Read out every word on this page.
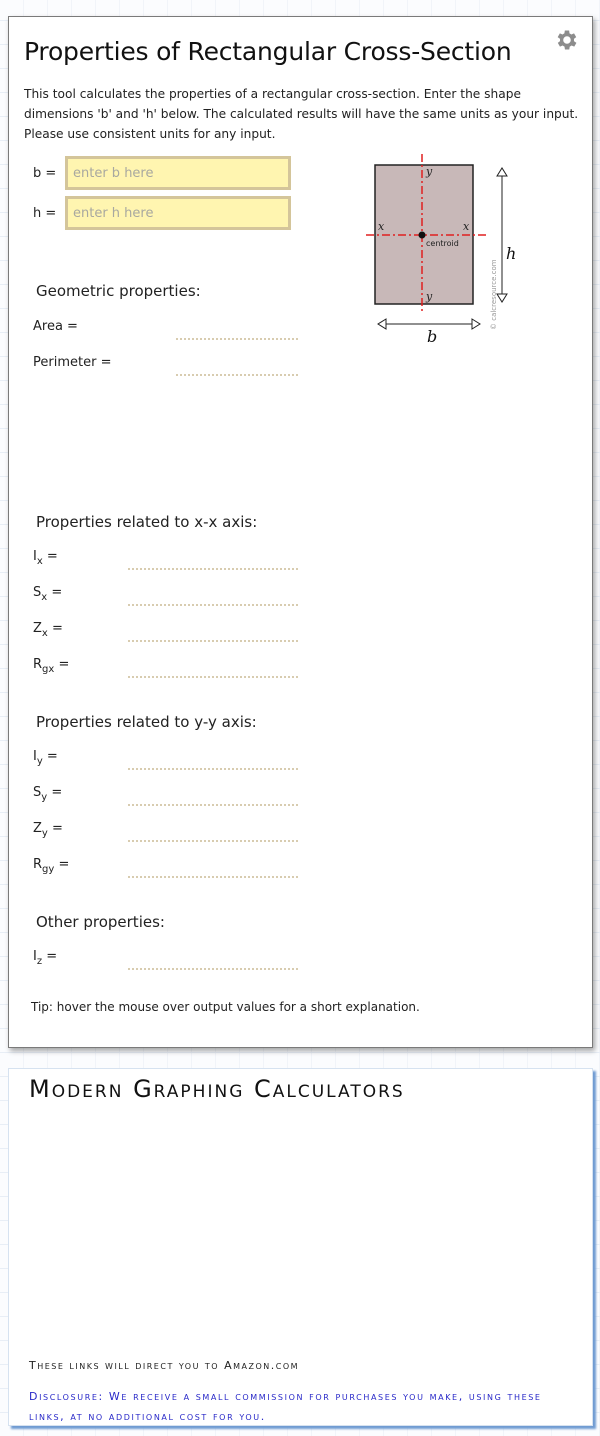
Properties of Rectangular Cross-Section

This tool calculates the properties of a rectangular cross-section. Enter the shape dimensions 'b' and 'h' below. The calculated results will have the same units as your input. Please use consistent units for any input.

b =
enter b here
h =
enter h here
y
y
x	x
centroid
h
b
© calcresource.com
Geometric properties:
Area =
Perimeter =
Properties related to x-x axis:
$I_x$ =
$S_x$ =
$Z_x$ =
$R_{gx}$ =
Properties related to y-y axis:
$I_y$ =
$S_y$ =
$Z_y$ =
$R_{gy}$ =
Other properties:
$I_z$ =
Tip: hover the mouse over output values for a short explanation.
Modern Graphing Calculators
These links will direct you to Amazon.com
Disclosure: We receive a small commission for purchases you make, using these links, at no additional cost for you.
